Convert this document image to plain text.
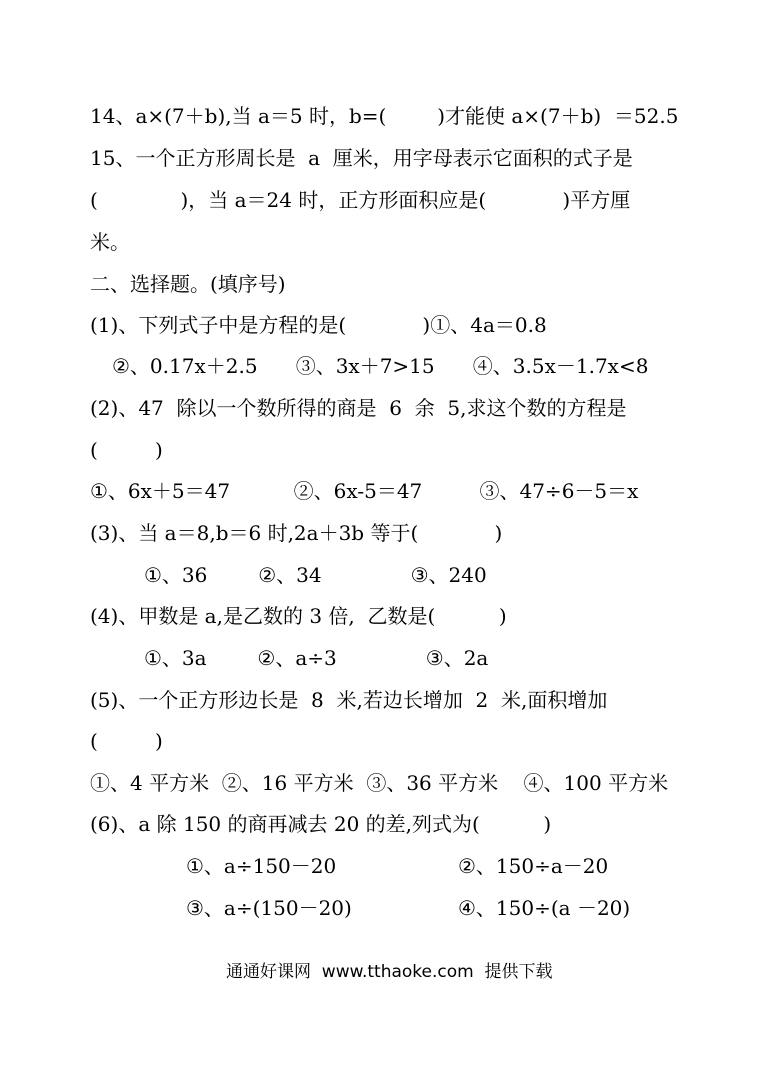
14、a×(7＋b),当 a＝5 时，b=(        )才能使 a×(7＋b)  ＝52.5
15、一个正方形周长是  a  厘米，用字母表示它面积的式子是
(             )，当 a＝24 时，正方形面积应是(            )平方厘
米。
二、选择题。(填序号)
(1)、下列式子中是方程的是(            )①、4a＝0.8
②、0.17x＋2.5      ③、3x＋7>15      ④、3.5x－1.7x<8
(2)、47  除以一个数所得的商是  6  余  5,求这个数的方程是
(         )
①、6x＋5＝47          ②、6x-5＝47         ③、47÷6－5＝x
(3)、当 a＝8,b＝6 时,2a＋3b 等于(            )
①、36        ②、34              ③、240
(4)、甲数是 a,是乙数的 3 倍,  乙数是(          )
①、3a        ②、a÷3              ③、2a
(5)、一个正方形边长是  8  米,若边长增加  2  米,面积增加
(         )
①、4 平方米  ②、16 平方米  ③、36 平方米    ④、100 平方米
(6)、a 除 150 的商再减去 20 的差,列式为(          )
①、a÷150－20	②、150÷a－20
③、a÷(150－20)	④、150÷(a －20)
通通好课网  www.tthaoke.com  提供下载
